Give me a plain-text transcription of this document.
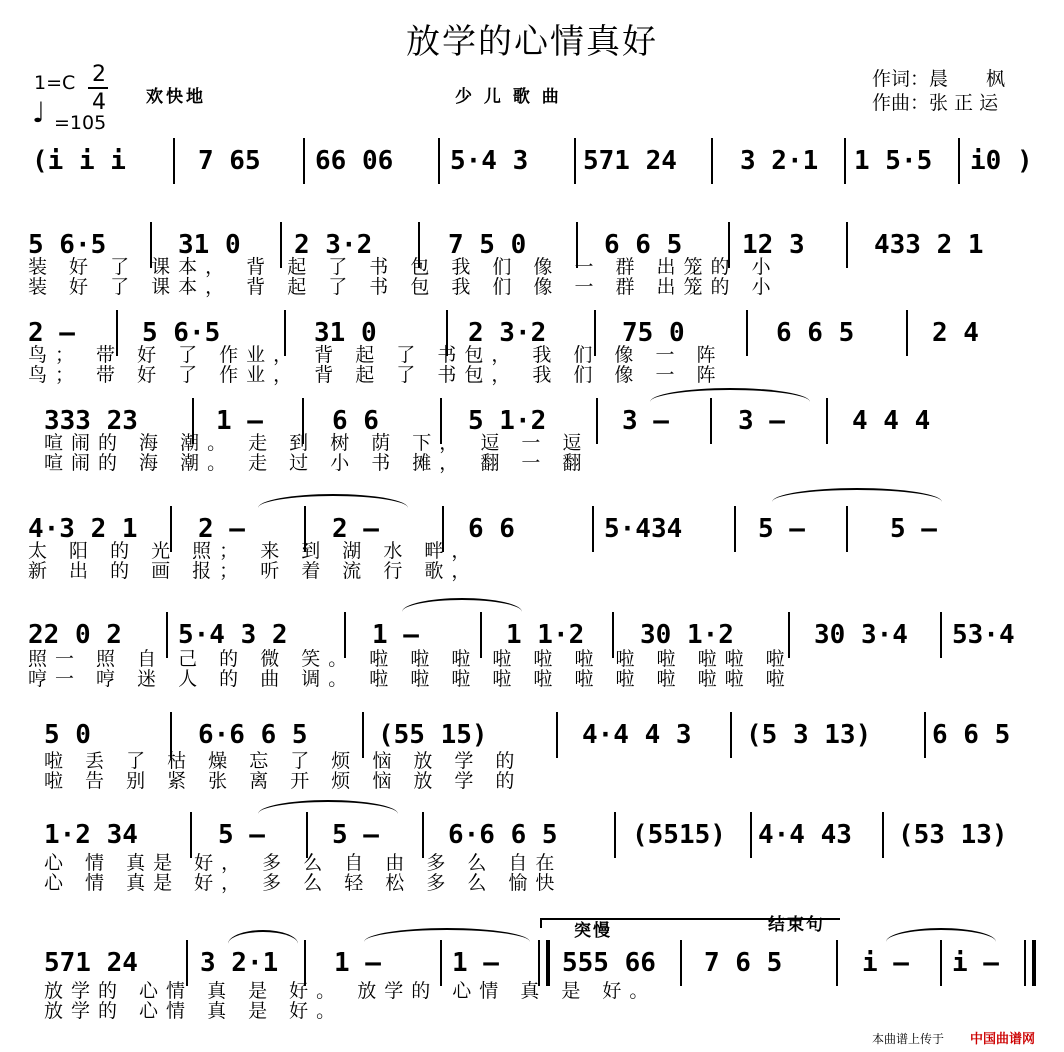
放学的心情真好
1=C 2
4
♩ =105
欢快地	少 儿 歌 曲
作词：晨　　枫
作曲：张 正 运
(i i i	7 65 66 06 5·4 3 571 24 3 2·1 1 5·5 i0 )
5 6·5	31 0 2 3·2	7 5 0	6 6 5 12 3	433 2 1
装 好 了 课本， 背 起 了 书 包 我 们 像 一 群 出笼的 小
装 好 了 课本， 背 起 了 书 包 我 们 像 一 群 出笼的 小
2 —	5 6·5	31 0	2 3·2	75 0	6 6 5	2 4
鸟； 带 好 了 作业， 背 起 了 书包， 我 们 像 一 阵
鸟； 带 好 了 作业， 背 起 了 书包， 我 们 像 一 阵
333 23	1 —	6 6	5 1·2	3 —	3 —	4 4 4
喧闹的 海 潮。 走 到 树 荫 下， 逗 一 逗
喧闹的 海 潮。 走 过 小 书 摊， 翻 一 翻
4·3 2 1 2 —	2 —	6 6	5·434	5 —	5 —
太 阳 的 光 照； 来 到 湖 水 畔，
新 出 的 画 报； 听 着 流 行 歌，
22 0 2 5·4 3 2	1 —	1 1·2 30 1·2	30 3·4 53·4
照一 照 自 己 的 微 笑。 啦 啦 啦 啦 啦 啦 啦 啦 啦啦 啦
哼一 哼 迷 人 的 曲 调。 啦 啦 啦 啦 啦 啦 啦 啦 啦啦 啦
5 0	6·6 6 5	(55 15)	4·4 4 3 (5 3 13) 6 6 5
啦 丢 了 枯 燥 忘 了 烦 恼 放 学 的
啦 告 别 紧 张 离 开 烦 恼 放 学 的
1·2 34	5 —	5 —	6·6 6 5	(5515) 4·4 43 (53 13)
心 情 真是 好， 多 么 自 由 多 么 自在
心 情 真是 好， 多 么 轻 松 多 么 愉快
突慢	结束句
571 24 3 2·1 1 —	1 — 555 66 7 6 5	i — i —
放学的 心情 真 是 好。 放学的 心情 真 是 好。
放学的 心情 真 是 好。
本曲谱上传于 中国曲谱网
